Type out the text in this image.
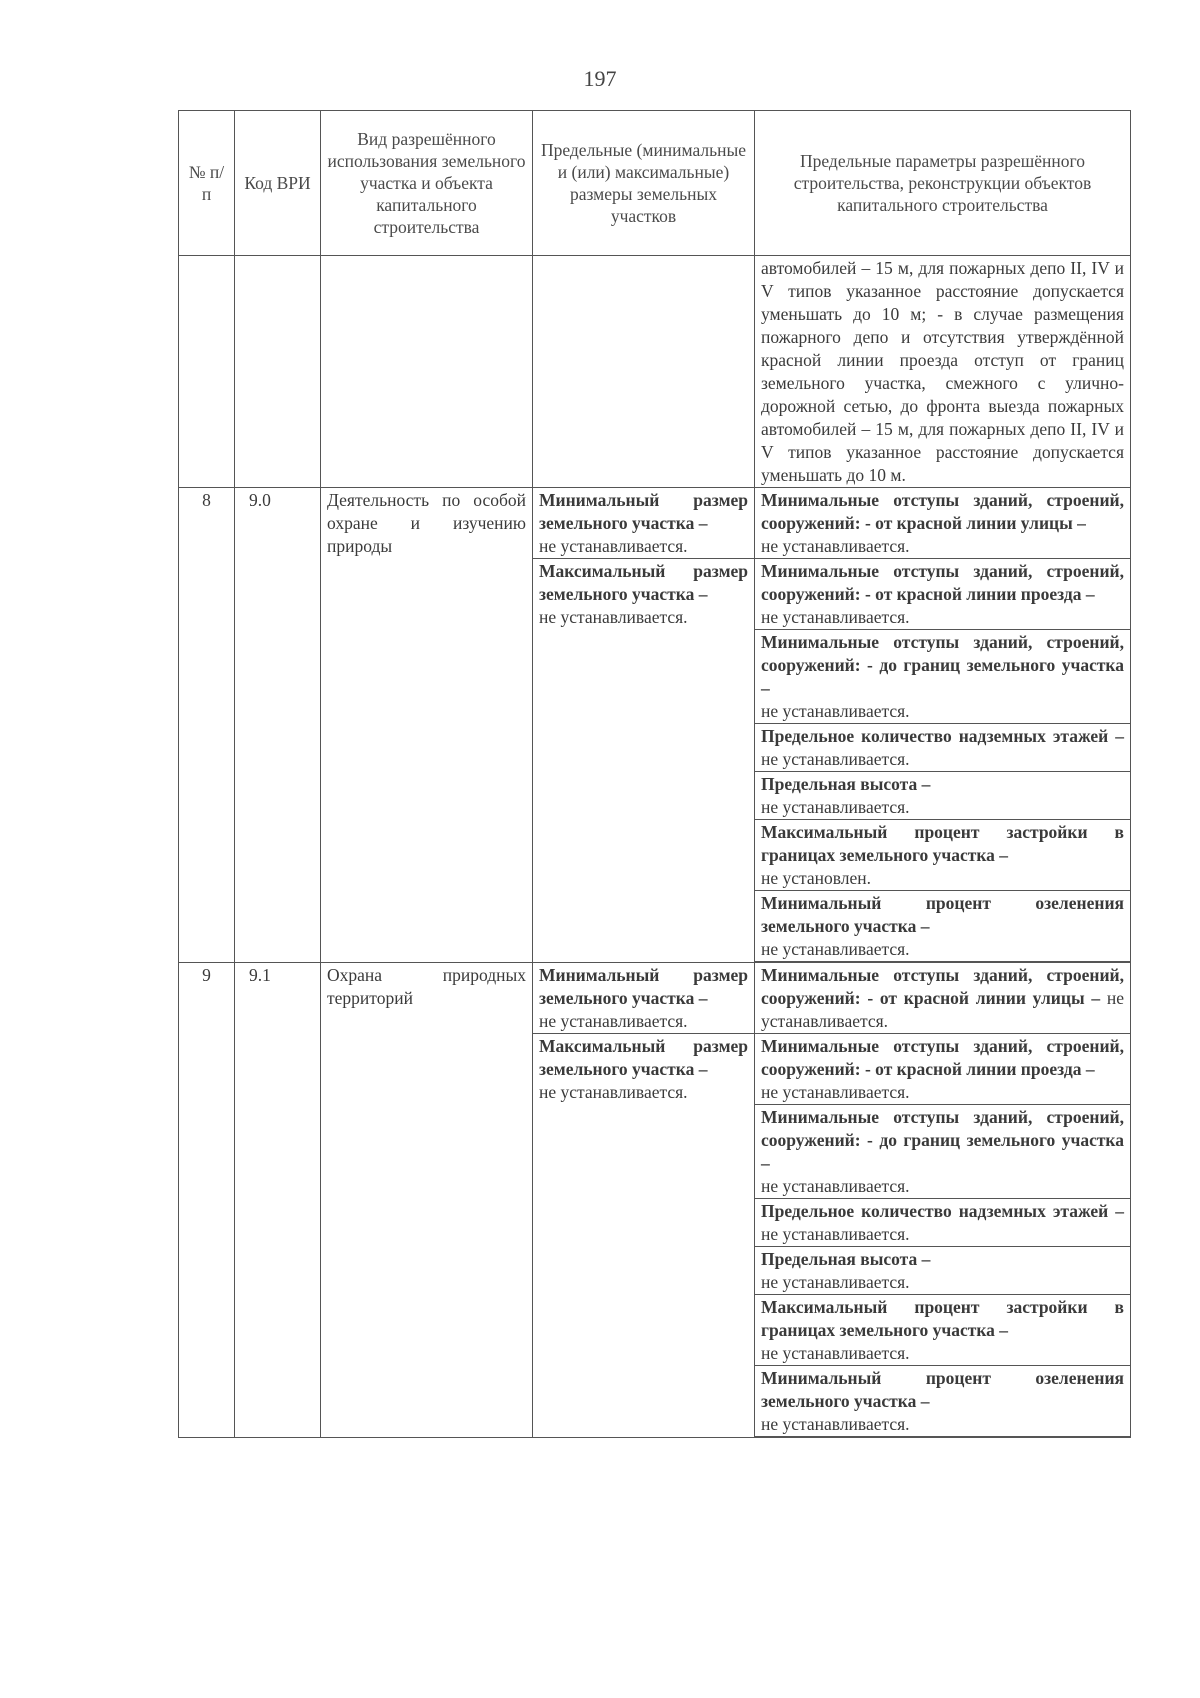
197
№ п/п	Код ВРИ	Вид разрешённого использования земельного участка и объекта капитального строительства	Предельные (минимальные и (или) максимальные) размеры земельных участков	Предельные параметры разрешённого строительства, реконструкции объектов капитального строительства
				автомобилей – 15 м, для пожарных депо II, IV и V типов указанное расстояние допускается уменьшать до 10 м; - в случае размещения пожарного депо и отсутствия утверждённой красной линии проезда отступ от границ земельного участка, смежного с улично-дорожной сетью, до фронта выезда пожарных автомобилей – 15 м, для пожарных депо II, IV и V типов указанное расстояние допускается уменьшать до 10 м.
8	9.0	Деятельность по особой охране и изучению природы	Минимальный размер земельного участка –
не устанавливается.	Минимальные отступы зданий, строений, сооружений: - от красной линии улицы –
не устанавливается.
			Максимальный размер земельного участка –
не устанавливается.	Минимальные отступы зданий, строений, сооружений: - от красной линии проезда –
не устанавливается.
				Минимальные отступы зданий, строений, сооружений: - до границ земельного участка –
не устанавливается.
				Предельное количество надземных этажей – не устанавливается.
				Предельная высота –
не устанавливается.
				Максимальный процент застройки в границах земельного участка –
не установлен.
				Минимальный процент озеленения земельного участка –
не устанавливается.

9	9.1	Охрана природных территорий	Минимальный размер земельного участка –
не устанавливается.	Минимальные отступы зданий, строений, сооружений: - от красной линии улицы – не устанавливается.
			Максимальный размер земельного участка –
не устанавливается.	Минимальные отступы зданий, строений, сооружений: - от красной линии проезда –
не устанавливается.
				Минимальные отступы зданий, строений, сооружений: - до границ земельного участка –
не устанавливается.
				Предельное количество надземных этажей – не устанавливается.
				Предельная высота –
не устанавливается.
				Максимальный процент застройки в границах земельного участка –
не устанавливается.
				Минимальный процент озеленения земельного участка –
не устанавливается.
